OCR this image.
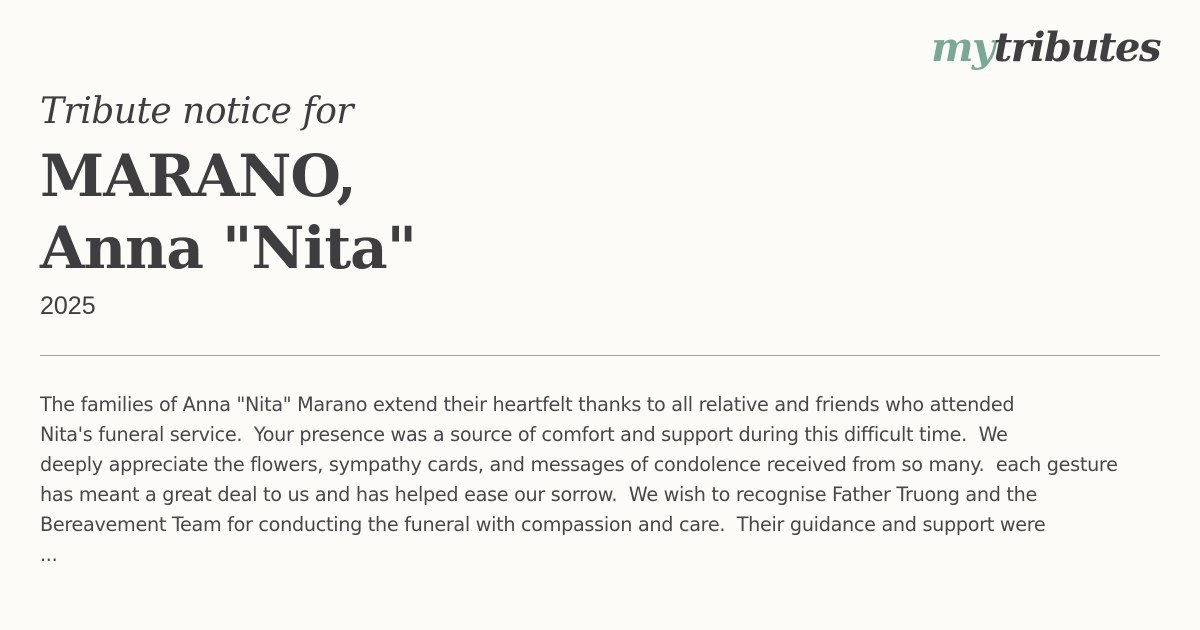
mytributes
Tribute notice for
MARANO,
Anna "Nita"
2025
The families of Anna "Nita" Marano extend their heartfelt thanks to all relative and friends who attended
Nita's funeral service.  Your presence was a source of comfort and support during this difficult time.  We
deeply appreciate the flowers, sympathy cards, and messages of condolence received from so many.  each gesture
has meant a great deal to us and has helped ease our sorrow.  We wish to recognise Father Truong and the
Bereavement Team for conducting the funeral with compassion and care.  Their guidance and support were
...
